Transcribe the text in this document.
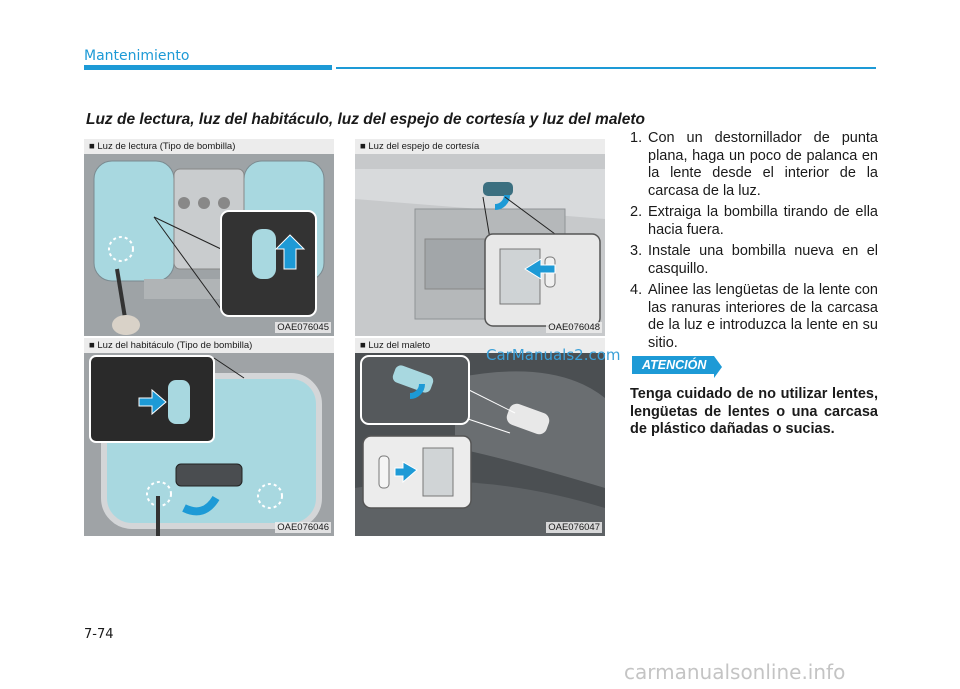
Mantenimiento
Luz de lectura, luz del habitáculo, luz del espejo de cortesía y luz del maleto
■ Luz de lectura (Tipo de bombilla)
OAE076045
■ Luz del espejo de cortesía
OAE076048
■ Luz del habitáculo (Tipo de bombilla)
OAE076046
■ Luz del maleto
OAE076047
CarManuals2.com
1. Con un destornillador de punta plana, haga un poco de palanca en la lente desde el interior de la carcasa de la luz.
2. Extraiga la bombilla tirando de ella hacia fuera.
3. Instale una bombilla nueva en el casquillo.
4. Alinee las lengüetas de la lente con las ranuras interiores de la carcasa de la luz e introduzca la lente en su sitio.
ATENCIÓN
Tenga cuidado de no utilizar lentes, lengüetas de lentes o una carcasa de plástico dañadas o sucias.
7-74
carmanualsonline.info
